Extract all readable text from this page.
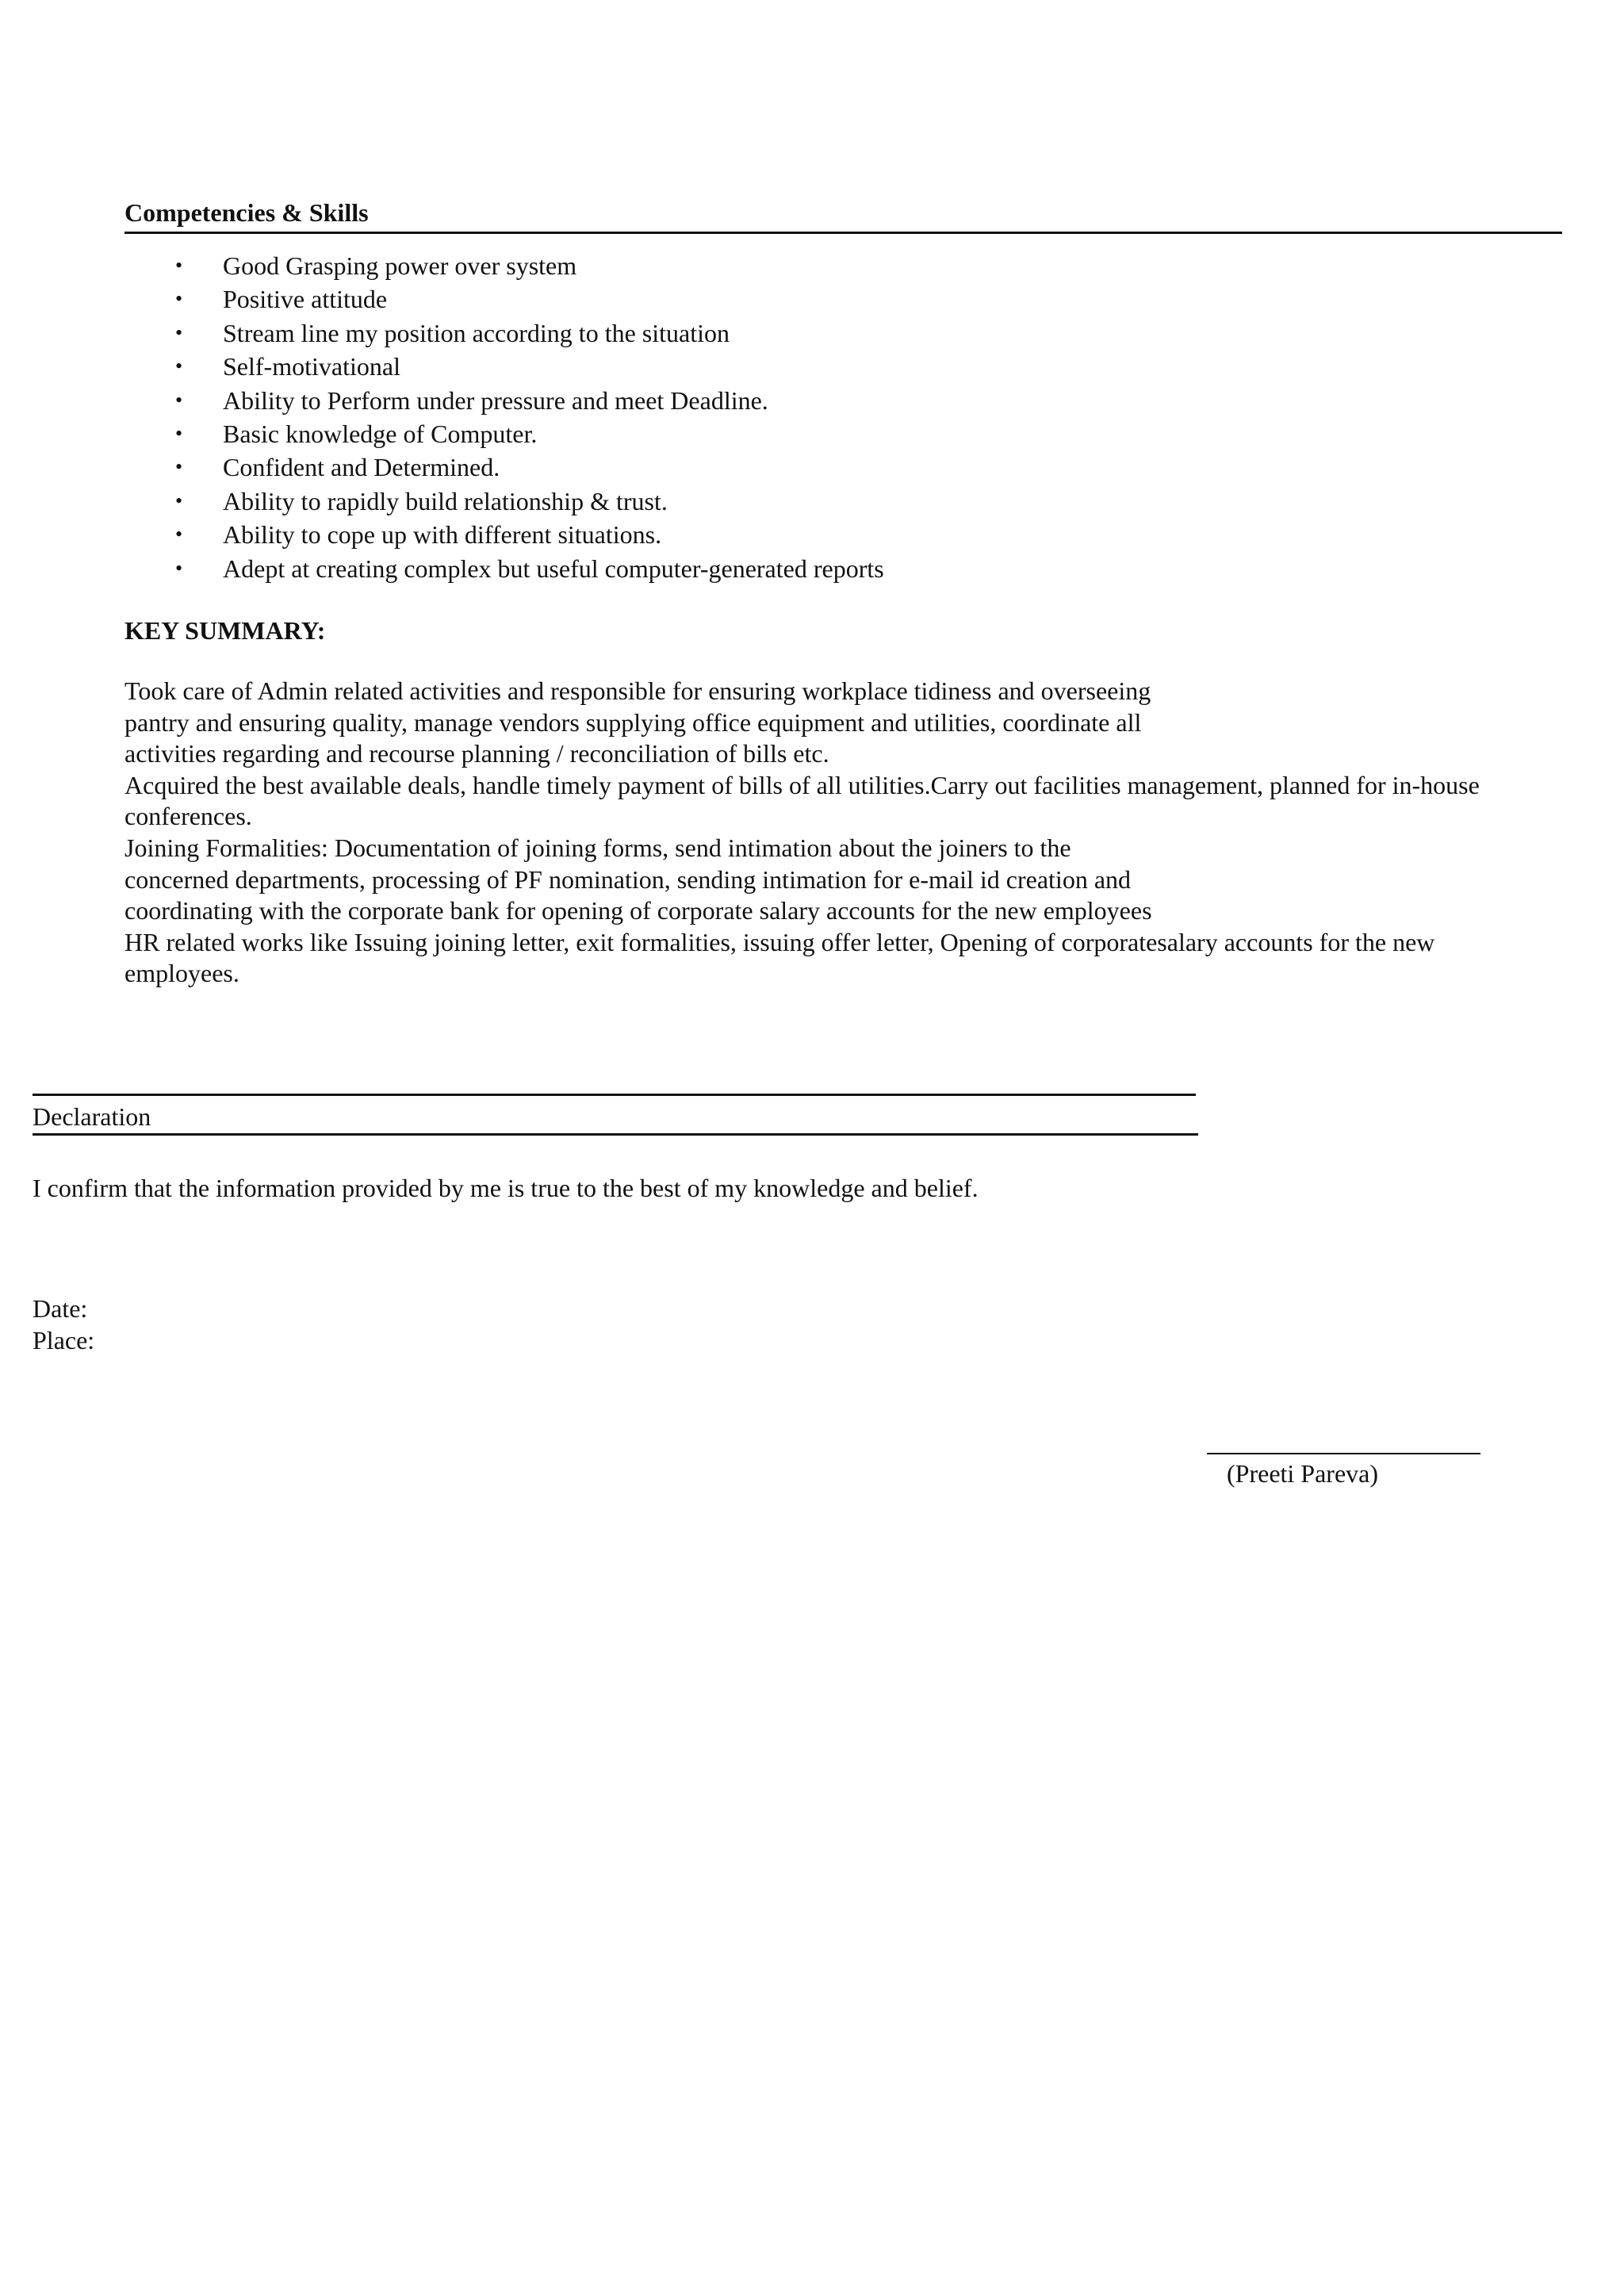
Competencies & Skills
• Good Grasping power over system
• Positive attitude
• Stream line my position according to the situation
• Self-motivational
• Ability to Perform under pressure and meet Deadline.
• Basic knowledge of Computer.
• Confident and Determined.
• Ability to rapidly build relationship & trust.
• Ability to cope up with different situations.
• Adept at creating complex but useful computer-generated reports
KEY SUMMARY:
Took care of Admin related activities and responsible for ensuring workplace tidiness and overseeing
pantry and ensuring quality, manage vendors supplying office equipment and utilities, coordinate all
activities regarding and recourse planning / reconciliation of bills etc.
Acquired the best available deals, handle timely payment of bills of all utilities.Carry out facilities management, planned for in-house
conferences.
Joining Formalities: Documentation of joining forms, send intimation about the joiners to the
concerned departments, processing of PF nomination, sending intimation for e-mail id creation and
coordinating with the corporate bank for opening of corporate salary accounts for the new employees
HR related works like Issuing joining letter, exit formalities, issuing offer letter, Opening of corporatesalary accounts for the new
employees.
Declaration
I confirm that the information provided by me is true to the best of my knowledge and belief.
Date:
Place:
(Preeti Pareva)
